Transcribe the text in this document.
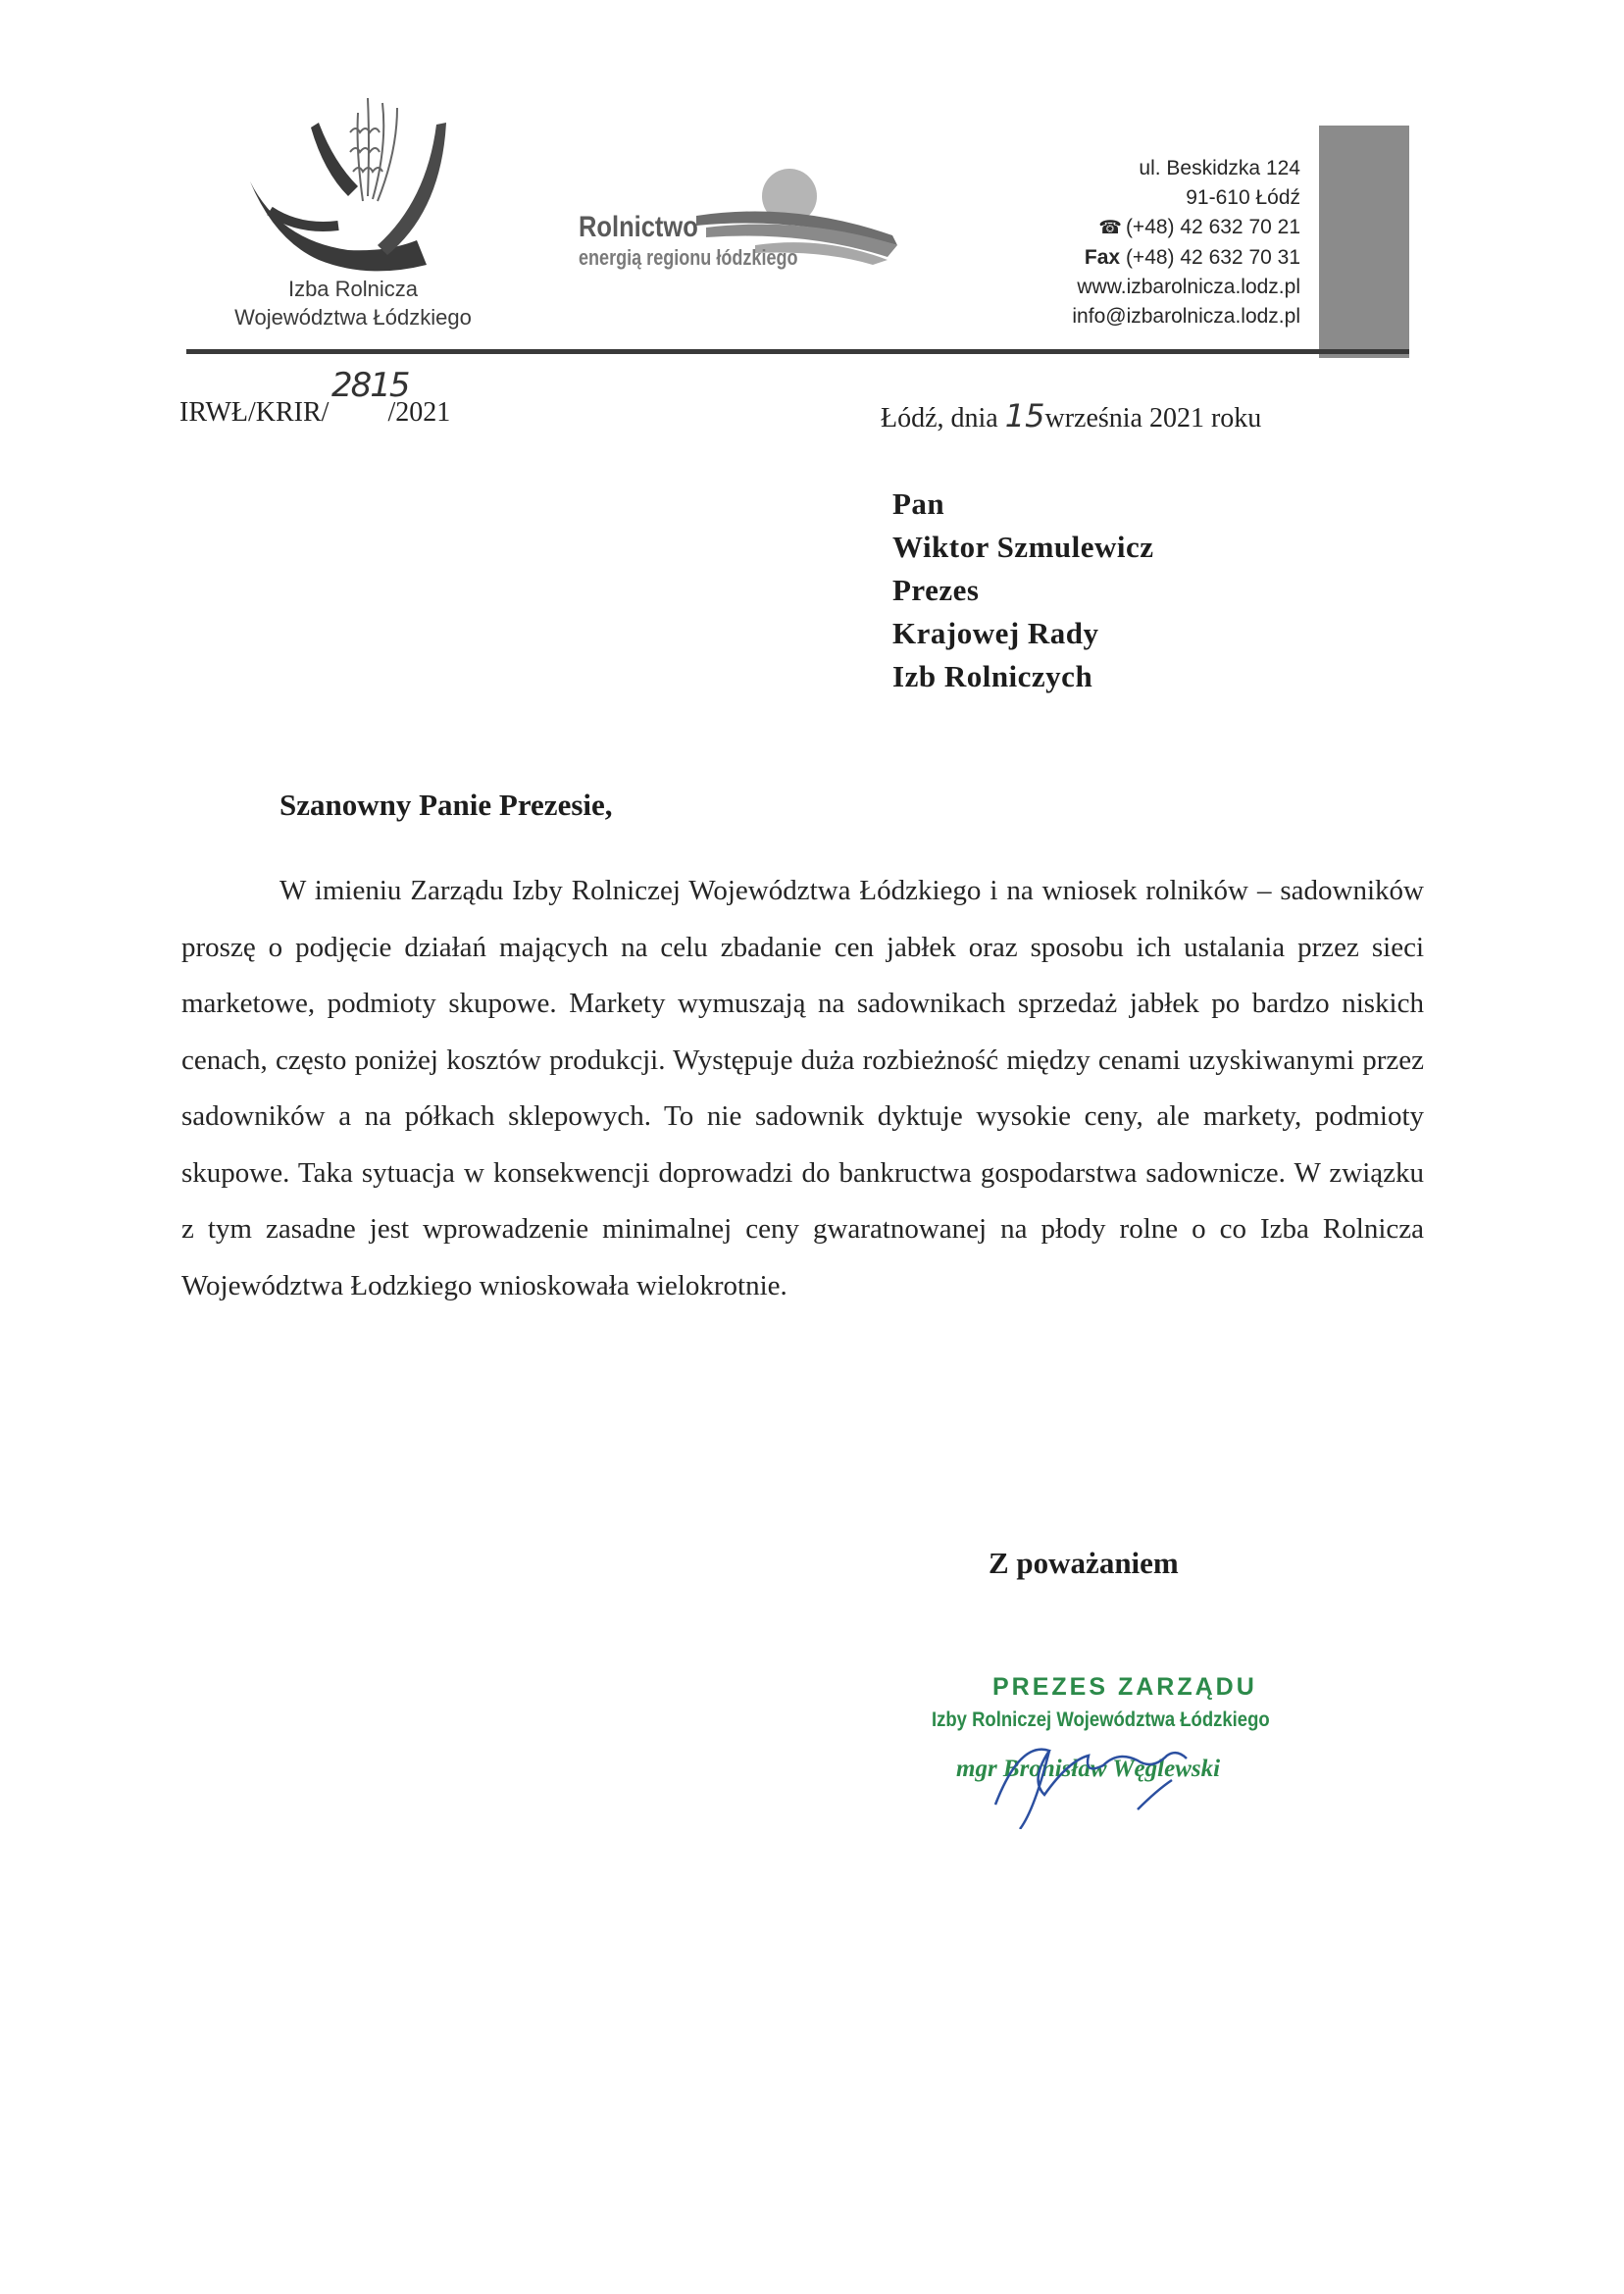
Izba Rolnicza
Województwa Łódzkiego
Rolnictwo
energią regionu łódzkiego
ul. Beskidzka 124
91-610 Łódź
☎ (+48) 42 632 70 21
Fax (+48) 42 632 70 31
www.izbarolnicza.lodz.pl
info@izbarolnicza.lodz.pl
IRWŁ/KRIR/ /2021
2815
Łódź, dnia 15września 2021 roku
Pan
Wiktor Szmulewicz
Prezes
Krajowej Rady
Izb Rolniczych
Szanowny Panie Prezesie,
W imieniu Zarządu Izby Rolniczej Województwa Łódzkiego i na wniosek rolników – sadowników proszę o podjęcie działań mających na celu zbadanie cen jabłek oraz sposobu ich ustalania przez sieci marketowe, podmioty skupowe. Markety wymuszają na sadownikach sprzedaż jabłek po bardzo niskich cenach, często poniżej kosztów produkcji. Występuje duża rozbieżność między cenami uzyskiwanymi przez sadowników a na półkach sklepowych. To nie sadownik dyktuje wysokie ceny, ale markety, podmioty skupowe. Taka sytuacja w konsekwencji doprowadzi do bankructwa gospodarstwa sadownicze. W związku z tym zasadne jest wprowadzenie minimalnej ceny gwaratnowanej na płody rolne o co Izba Rolnicza Województwa Łodzkiego wnioskowała wielokrotnie.
Z poważaniem
PREZES ZARZĄDU
Izby Rolniczej Województwa Łódzkiego
mgr Bronisław Węglewski
